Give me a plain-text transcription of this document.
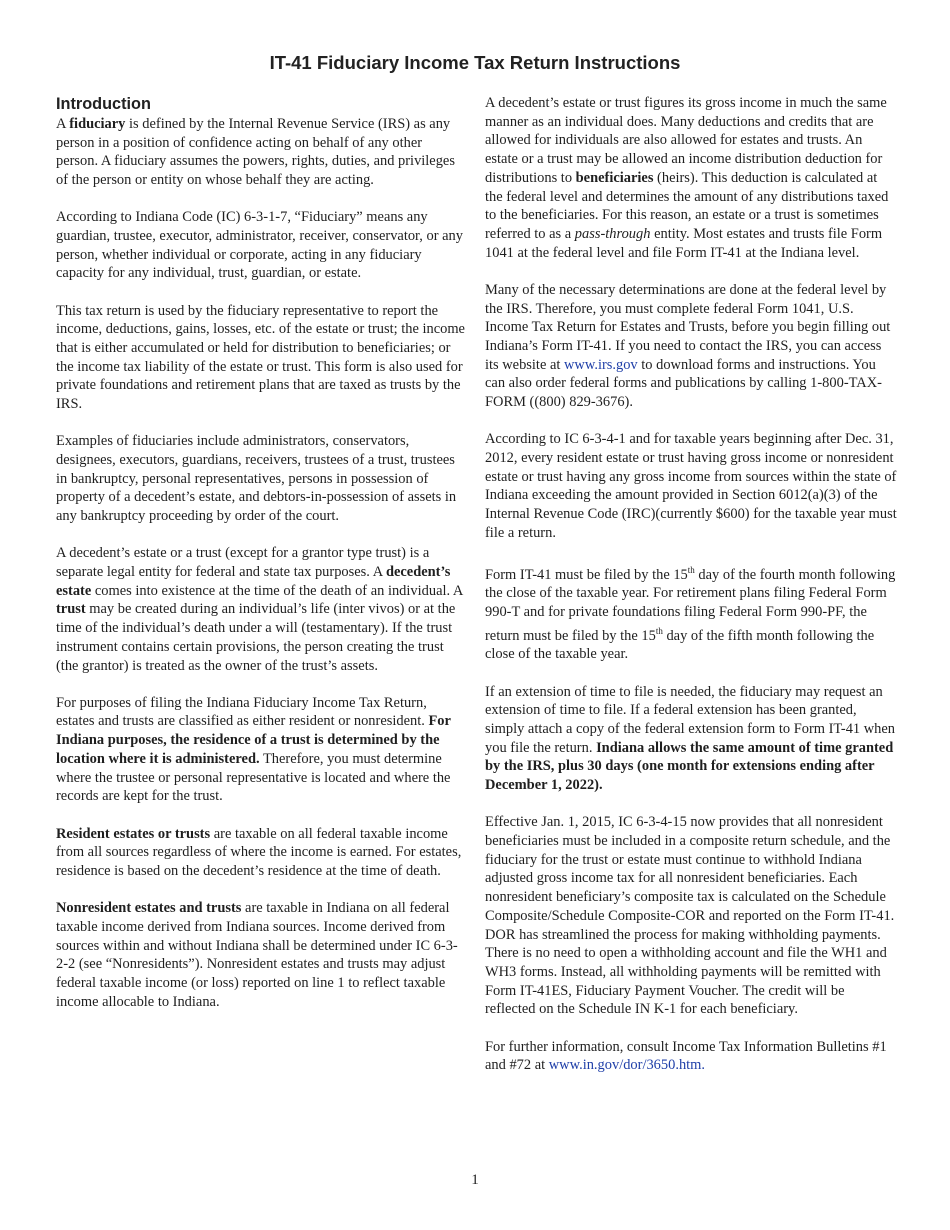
IT-41 Fiduciary Income Tax Return Instructions
Introduction

A fiduciary is defined by the Internal Revenue Service (IRS) as any person in a position of confidence acting on behalf of any other person. A fiduciary assumes the powers, rights, duties, and privileges of the person or entity on whose behalf they are acting.

According to Indiana Code (IC) 6-3-1-7, “Fiduciary” means any guardian, trustee, executor, administrator, receiver, conservator, or any person, whether individual or corporate, acting in any fiduciary capacity for any individual, trust, guardian, or estate.

This tax return is used by the fiduciary representative to report the income, deductions, gains, losses, etc. of the estate or trust; the income that is either accumulated or held for distribution to beneficiaries; or the income tax liability of the estate or trust. This form is also used for private foundations and retirement plans that are taxed as trusts by the IRS.

Examples of fiduciaries include administrators, conservators, designees, executors, guardians, receivers, trustees of a trust, trustees in bankruptcy, personal representatives, persons in possession of property of a decedent’s estate, and debtors-in-possession of assets in any bankruptcy proceeding by order of the court.

A decedent’s estate or a trust (except for a grantor type trust) is a separate legal entity for federal and state tax purposes. A decedent’s estate comes into existence at the time of the death of an individual. A trust may be created during an individual’s life (inter vivos) or at the time of the individual’s death under a will (testamentary). If the trust instrument contains certain provisions, the person creating the trust (the grantor) is treated as the owner of the trust’s assets.

For purposes of filing the Indiana Fiduciary Income Tax Return, estates and trusts are classified as either resident or nonresident. For Indiana purposes, the residence of a trust is determined by the location where it is administered. Therefore, you must determine where the trustee or personal representative is located and where the records are kept for the trust.

Resident estates or trusts are taxable on all federal taxable income from all sources regardless of where the income is earned. For estates, residence is based on the decedent’s residence at the time of death.

Nonresident estates and trusts are taxable in Indiana on all federal taxable income derived from Indiana sources. Income derived from sources within and without Indiana shall be determined under IC 6-3-2-2 (see “Nonresidents”). Nonresident estates and trusts may adjust federal taxable income (or loss) reported on line 1 to reflect taxable income allocable to Indiana.

A decedent’s estate or trust figures its gross income in much the same manner as an individual does. Many deductions and credits that are allowed for individuals are also allowed for estates and trusts. An estate or a trust may be allowed an income distribution deduction for distributions to beneficiaries (heirs). This deduction is calculated at the federal level and determines the amount of any distributions taxed to the beneficiaries. For this reason, an estate or a trust is sometimes referred to as a pass-through entity. Most estates and trusts file Form 1041 at the federal level and file Form IT-41 at the Indiana level.

Many of the necessary determinations are done at the federal level by the IRS. Therefore, you must complete federal Form 1041, U.S. Income Tax Return for Estates and Trusts, before you begin filling out Indiana’s Form IT-41. If you need to contact the IRS, you can access its website at www.irs.gov to download forms and instructions. You can also order federal forms and publications by calling 1-800-TAX-FORM ((800) 829-3676).

According to IC 6-3-4-1 and for taxable years beginning after Dec. 31, 2012, every resident estate or trust having gross income or nonresident estate or trust having any gross income from sources within the state of Indiana exceeding the amount provided in Section 6012(a)(3) of the Internal Revenue Code (IRC)(currently $600) for the taxable year must file a return.

Form IT-41 must be filed by the 15th day of the fourth month following the close of the taxable year. For retirement plans filing Federal Form 990-T and for private foundations filing Federal Form 990-PF, the return must be filed by the 15th day of the fifth month following the close of the taxable year.

If an extension of time to file is needed, the fiduciary may request an extension of time to file. If a federal extension has been granted, simply attach a copy of the federal extension form to Form IT-41 when you file the return. Indiana allows the same amount of time granted by the IRS, plus 30 days (one month for extensions ending after December 1, 2022).

Effective Jan. 1, 2015, IC 6-3-4-15 now provides that all nonresident beneficiaries must be included in a composite return schedule, and the fiduciary for the trust or estate must continue to withhold Indiana adjusted gross income tax for all nonresident beneficiaries. Each nonresident beneficiary’s composite tax is calculated on the Schedule Composite/Schedule Composite-COR and reported on the Form IT-41. DOR has streamlined the process for making withholding payments. There is no need to open a withholding account and file the WH1 and WH3 forms. Instead, all withholding payments will be remitted with Form IT-41ES, Fiduciary Payment Voucher. The credit will be reflected on the Schedule IN K-1 for each beneficiary.

For further information, consult Income Tax Information Bulletins #1 and #72 at www.in.gov/dor/3650.htm.

1
